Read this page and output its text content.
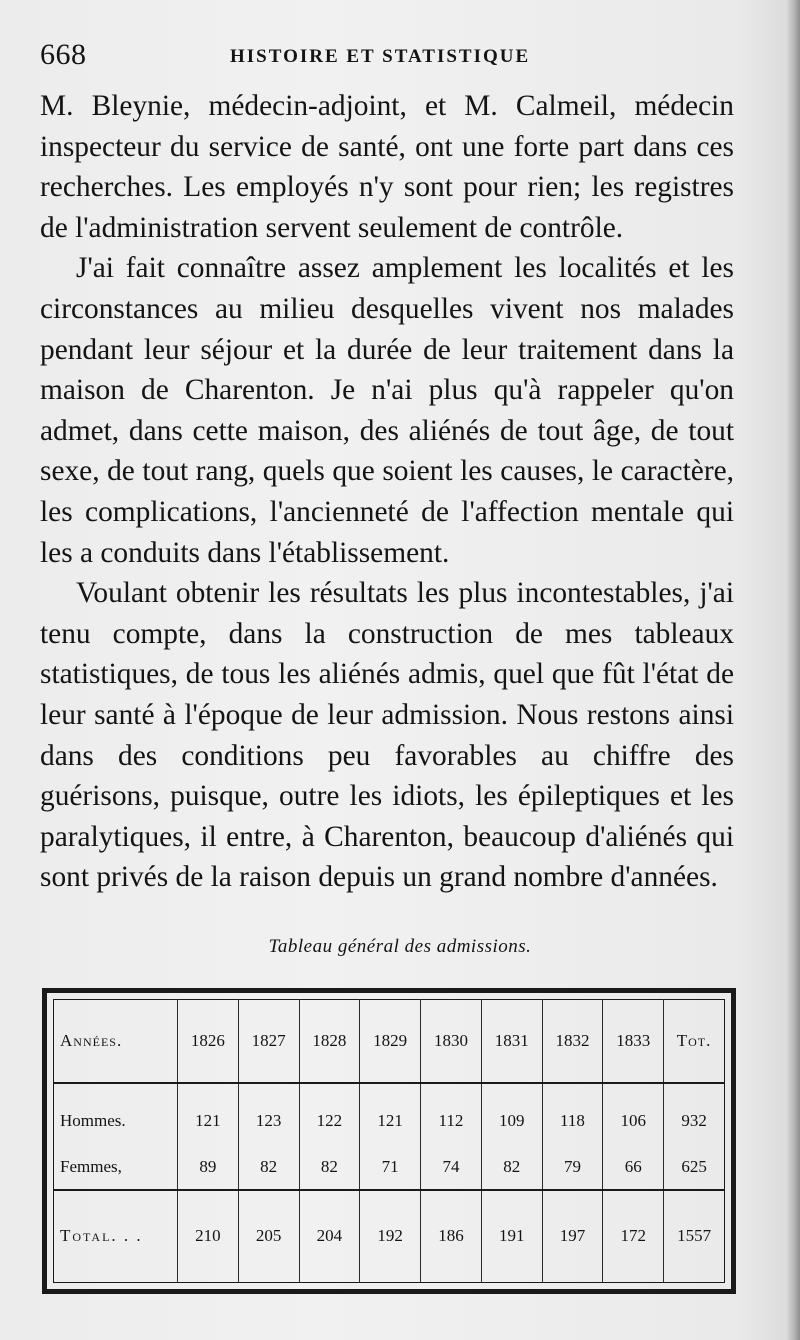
668	HISTOIRE ET STATISTIQUE

M. Bleynie, médecin-adjoint, et M. Calmeil, médecin inspecteur du service de santé, ont une forte part dans ces recherches. Les employés n'y sont pour rien; les registres de l'administration servent seulement de contrôle.

J'ai fait connaître assez amplement les localités et les circonstances au milieu desquelles vivent nos malades pendant leur séjour et la durée de leur traitement dans la maison de Charenton. Je n'ai plus qu'à rappeler qu'on admet, dans cette maison, des aliénés de tout âge, de tout sexe, de tout rang, quels que soient les causes, le caractère, les complications, l'ancienneté de l'affection mentale qui les a conduits dans l'établissement.

Voulant obtenir les résultats les plus incontestables, j'ai tenu compte, dans la construction de mes tableaux statistiques, de tous les aliénés admis, quel que fût l'état de leur santé à l'époque de leur admission. Nous restons ainsi dans des conditions peu favorables au chiffre des guérisons, puisque, outre les idiots, les épileptiques et les paralytiques, il entre, à Charenton, beaucoup d'aliénés qui sont privés de la raison depuis un grand nombre d'années.

Tableau général des admissions.
Années.	1826	1827	1828	1829	1830	1831	1832	1833	Tot.
Hommes.	121	123	122	121	112	109	118	106	932
Femmes,	89	82	82	71	74	82	79	66	625
Total. . .	210	205	204	192	186	191	197	172	1557
